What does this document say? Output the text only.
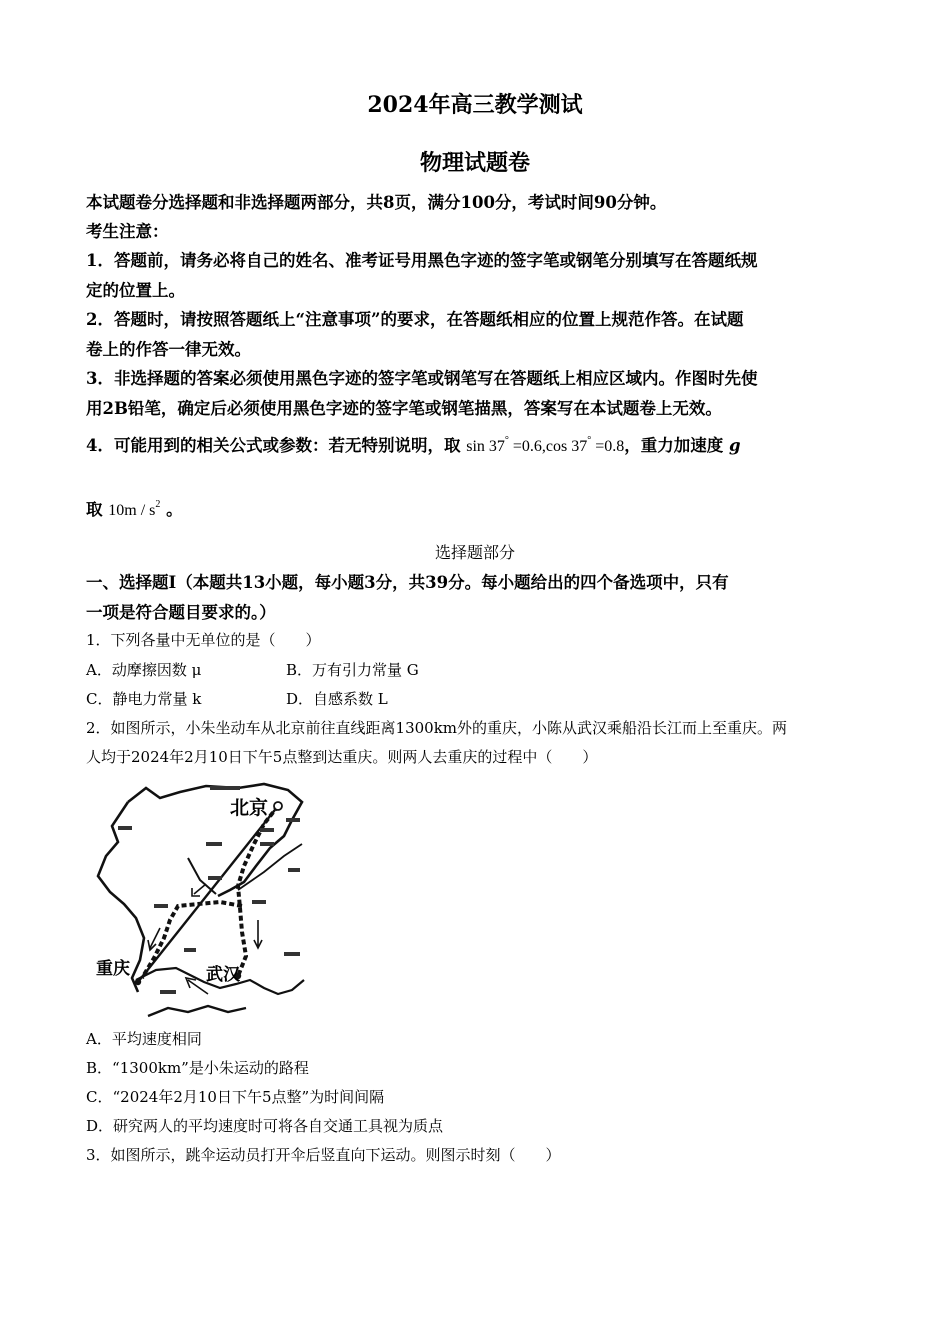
2024年高三教学测试
物理试题卷
本试题卷分选择题和非选择题两部分，共8页，满分100分，考试时间90分钟。
考生注意：
1．答题前，请务必将自己的姓名、准考证号用黑色字迹的签字笔或钢笔分别填写在答题纸规
定的位置上。
2．答题时，请按照答题纸上“注意事项”的要求，在答题纸相应的位置上规范作答。在试题
卷上的作答一律无效。
3．非选择题的答案必须使用黑色字迹的签字笔或钢笔写在答题纸上相应区域内。作图时先使
用2B铅笔，确定后必须使用黑色字迹的签字笔或钢笔描黑，答案写在本试题卷上无效。
4．可能用到的相关公式或参数：若无特别说明，取 sin 37° =0.6,cos 37° =0.8，重力加速度 g
取 $10m / s^2$ 。
选择题部分
一、选择题Ⅰ（本题共13小题，每小题3分，共39分。每小题给出的四个备选项中，只有
一项是符合题目要求的。）
1．下列各量中无单位的是（　　）
A．动摩擦因数 μ	B．万有引力常量 G
C．静电力常量 k	D．自感系数 L
2．如图所示，小朱坐动车从北京前往直线距离1300km外的重庆，小陈从武汉乘船沿长江而上至重庆。两
人均于2024年2月10日下午5点整到达重庆。则两人去重庆的过程中（　　）
北京
重庆	武汉
A．平均速度相同
B．“1300km”是小朱运动的路程
C．“2024年2月10日下午5点整”为时间间隔
D．研究两人的平均速度时可将各自交通工具视为质点
3．如图所示，跳伞运动员打开伞后竖直向下运动。则图示时刻（　　）
